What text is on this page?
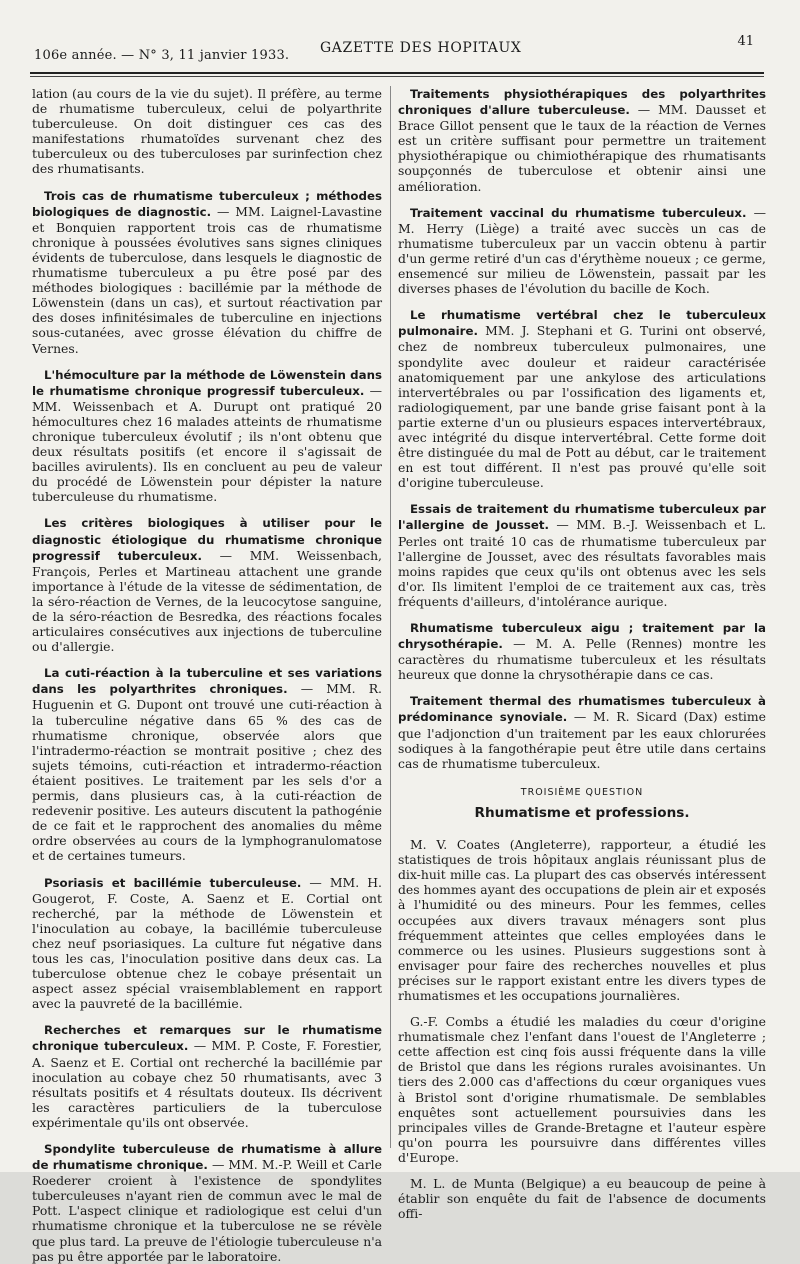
106e année. — N° 3, 11 janvier 1933. GAZETTE DES HOPITAUX	41

lation (au cours de la vie du sujet). Il préfère, au terme de rhumatisme tuberculeux, celui de polyarthrite tuberculeuse. On doit distinguer ces cas des manifestations rhumatoïdes survenant chez des tuberculeux ou des tuberculoses par surinfection chez des rhumatisants.

Trois cas de rhumatisme tuberculeux ; méthodes biologiques de diagnostic. — MM. Laignel-Lavastine et Bonquien rapportent trois cas de rhumatisme chronique à poussées évolutives sans signes cliniques évidents de tuberculose, dans lesquels le diagnostic de rhumatisme tuberculeux a pu être posé par des méthodes biologiques : bacillémie par la méthode de Löwenstein (dans un cas), et surtout réactivation par des doses infinitésimales de tuberculine en injections sous-cutanées, avec grosse élévation du chiffre de Vernes.

L'hémoculture par la méthode de Löwenstein dans le rhumatisme chronique progressif tuberculeux. — MM. Weissenbach et A. Durupt ont pratiqué 20 hémocultures chez 16 malades atteints de rhumatisme chronique tuberculeux évolutif ; ils n'ont obtenu que deux résultats positifs (et encore il s'agissait de bacilles avirulents). Ils en concluent au peu de valeur du procédé de Löwenstein pour dépister la nature tuberculeuse du rhumatisme.

Les critères biologiques à utiliser pour le diagnostic étiologique du rhumatisme chronique progressif tuberculeux. — MM. Weissenbach, François, Perles et Martineau attachent une grande importance à l'étude de la vitesse de sédimentation, de la séro-réaction de Vernes, de la leucocytose sanguine, de la séro-réaction de Besredka, des réactions focales articulaires consécutives aux injections de tuberculine ou d'allergie.

La cuti-réaction à la tuberculine et ses variations dans les polyarthrites chroniques. — MM. R. Huguenin et G. Dupont ont trouvé une cuti-réaction à la tuberculine négative dans 65 % des cas de rhumatisme chronique, observée alors que l'intradermo-réaction se montrait positive ; chez des sujets témoins, cuti-réaction et intradermo-réaction étaient positives. Le traitement par les sels d'or a permis, dans plusieurs cas, à la cuti-réaction de redevenir positive. Les auteurs discutent la pathogénie de ce fait et le rapprochent des anomalies du même ordre observées au cours de la lymphogranulomatose et de certaines tumeurs.

Psoriasis et bacillémie tuberculeuse. — MM. H. Gougerot, F. Coste, A. Saenz et E. Cortial ont recherché, par la méthode de Löwenstein et l'inoculation au cobaye, la bacillémie tuberculeuse chez neuf psoriasiques. La culture fut négative dans tous les cas, l'inoculation positive dans deux cas. La tuberculose obtenue chez le cobaye présentait un aspect assez spécial vraisemblablement en rapport avec la pauvreté de la bacillémie.

Recherches et remarques sur le rhumatisme chronique tuberculeux. — MM. P. Coste, F. Forestier, A. Saenz et E. Cortial ont recherché la bacillémie par inoculation au cobaye chez 50 rhumatisants, avec 3 résultats positifs et 4 résultats douteux. Ils décrivent les caractères particuliers de la tuberculose expérimentale qu'ils ont observée.

Spondylite tuberculeuse de rhumatisme à allure de rhumatisme chronique. — MM. M.-P. Weill et Carle Roederer croient à l'existence de spondylites tuberculeuses n'ayant rien de commun avec le mal de Pott. L'aspect clinique et radiologique est celui d'un rhumatisme chronique et la tuberculose ne se révèle que plus tard. La preuve de l'étiologie tuberculeuse n'a pas pu être apportée par le laboratoire.

Traitements physiothérapiques des polyarthrites chroniques d'allure tuberculeuse. — MM. Dausset et Brace Gillot pensent que le taux de la réaction de Vernes est un critère suffisant pour permettre un traitement physiothérapique ou chimiothérapique des rhumatisants soupçonnés de tuberculose et obtenir ainsi une amélioration.

Traitement vaccinal du rhumatisme tuberculeux. — M. Herry (Liège) a traité avec succès un cas de rhumatisme tuberculeux par un vaccin obtenu à partir d'un germe retiré d'un cas d'érythème noueux ; ce germe, ensemencé sur milieu de Löwenstein, passait par les diverses phases de l'évolution du bacille de Koch.

Le rhumatisme vertébral chez le tuberculeux pulmonaire. MM. J. Stephani et G. Turini ont observé, chez de nombreux tuberculeux pulmonaires, une spondylite avec douleur et raideur caractérisée anatomiquement par une ankylose des articulations intervertébrales ou par l'ossification des ligaments et, radiologiquement, par une bande grise faisant pont à la partie externe d'un ou plusieurs espaces intervertébraux, avec intégrité du disque intervertébral. Cette forme doit être distinguée du mal de Pott au début, car le traitement en est tout différent. Il n'est pas prouvé qu'elle soit d'origine tuberculeuse.

Essais de traitement du rhumatisme tuberculeux par l'allergine de Jousset. — MM. B.-J. Weissenbach et L. Perles ont traité 10 cas de rhumatisme tuberculeux par l'allergine de Jousset, avec des résultats favorables mais moins rapides que ceux qu'ils ont obtenus avec les sels d'or. Ils limitent l'emploi de ce traitement aux cas, très fréquents d'ailleurs, d'intolérance aurique.

Rhumatisme tuberculeux aigu ; traitement par la chrysothérapie. — M. A. Pelle (Rennes) montre les caractères du rhumatisme tuberculeux et les résultats heureux que donne la chrysothérapie dans ce cas.

Traitement thermal des rhumatismes tuberculeux à prédominance synoviale. — M. R. Sicard (Dax) estime que l'adjonction d'un traitement par les eaux chlorurées sodiques à la fangothérapie peut être utile dans certains cas de rhumatisme tuberculeux.

TROISIÈME QUESTION
Rhumatisme et professions.

M. V. Coates (Angleterre), rapporteur, a étudié les statistiques de trois hôpitaux anglais réunissant plus de dix-huit mille cas. La plupart des cas observés intéressent des hommes ayant des occupations de plein air et exposés à l'humidité ou des mineurs. Pour les femmes, celles occupées aux divers travaux ménagers sont plus fréquemment atteintes que celles employées dans le commerce ou les usines. Plusieurs suggestions sont à envisager pour faire des recherches nouvelles et plus précises sur le rapport existant entre les divers types de rhumatismes et les occupations journalières.

G.-F. Combs a étudié les maladies du cœur d'origine rhumatismale chez l'enfant dans l'ouest de l'Angleterre ; cette affection est cinq fois aussi fréquente dans la ville de Bristol que dans les régions rurales avoisinantes. Un tiers des 2.000 cas d'affections du cœur organiques vues à Bristol sont d'origine rhumatismale. De semblables enquêtes sont actuellement poursuivies dans les principales villes de Grande-Bretagne et l'auteur espère qu'on pourra les poursuivre dans différentes villes d'Europe.

M. L. de Munta (Belgique) a eu beaucoup de peine à établir son enquête du fait de l'absence de documents offi-
